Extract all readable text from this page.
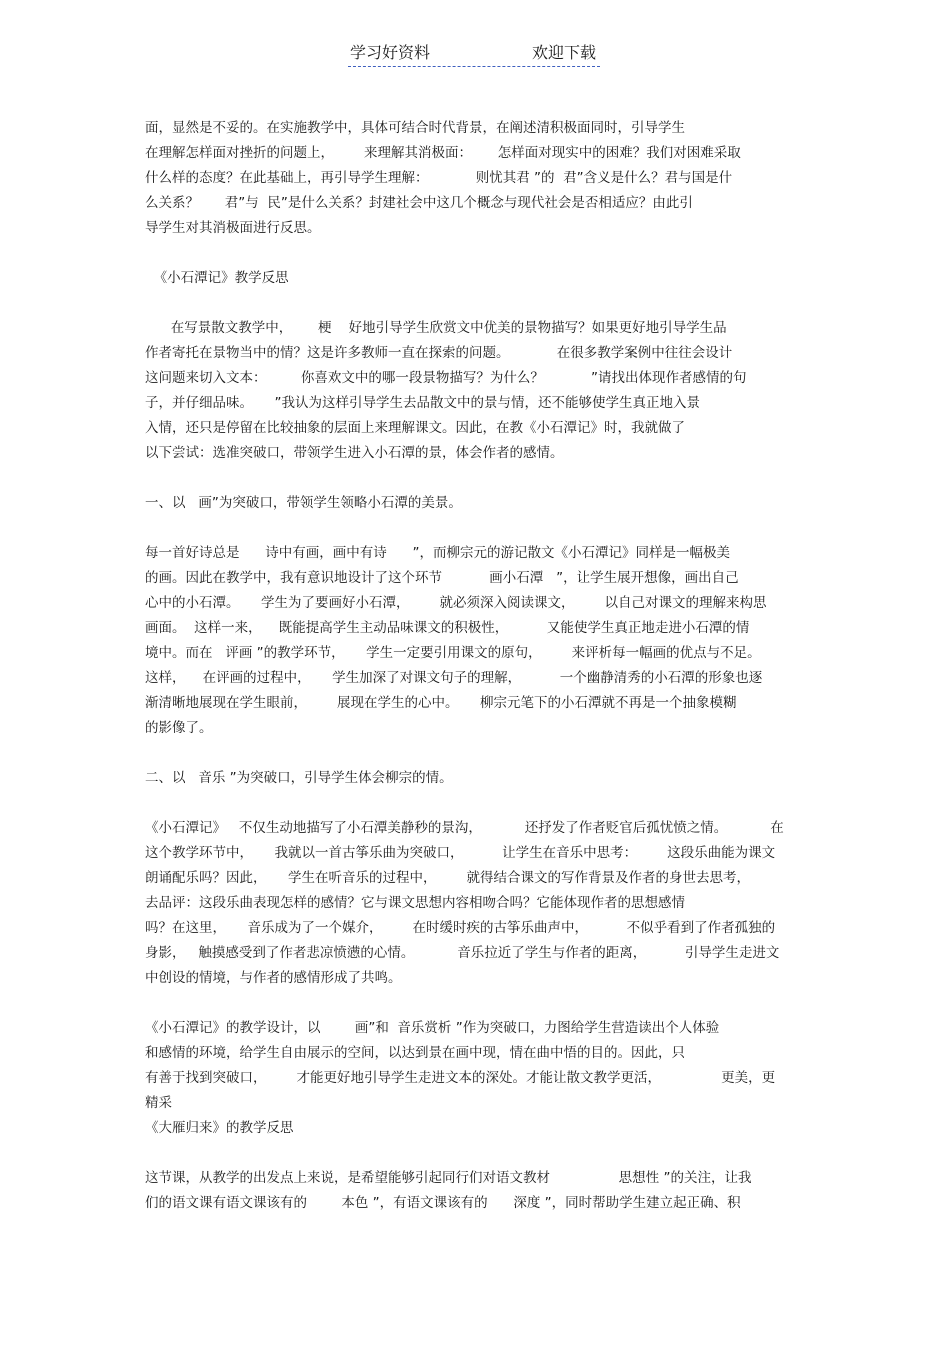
学习好资料	欢迎下载
面，显然是不妥的。在实施教学中，具体可结合时代背景，在阐述清积极面同时，引导学生
在理解怎样面对挫折的问题上，       来理解其消极面：      怎样面对现实中的困难？我们对困难采取
什么样的态度？在此基础上，再引导学生理解：           则忧其君 ”的  君”含义是什么？君与国是什
么关系？      君”与  民”是什么关系？封建社会中这几个概念与现代社会是否相适应？由此引
导学生对其消极面进行反思。
《小石潭记》教学反思
在写景散文教学中，      梗    好地引导学生欣赏文中优美的景物描写？如果更好地引导学生品
作者寄托在景物当中的情？这是许多教师一直在探索的问题。           在很多教学案例中往往会设计
这问题来切入文本：        你喜欢文中的哪一段景物描写？为什么？           ”请找出体现作者感情的句
子，并仔细品味。     ”我认为这样引导学生去品散文中的景与情，还不能够使学生真正地入景
入情，还只是停留在比较抽象的层面上来理解课文。因此，在教《小石潭记》时，我就做了
以下尝试：选准突破口，带领学生进入小石潭的景，体会作者的感情。
一、以   画”为突破口，带领学生领略小石潭的美景。
每一首好诗总是      诗中有画，画中有诗      ”，而柳宗元的游记散文《小石潭记》同样是一幅极美
的画。因此在教学中，我有意识地设计了这个环节           画小石潭   ”，让学生展开想像，画出自己
心中的小石潭。     学生为了要画好小石潭，       就必须深入阅读课文，       以自己对课文的理解来构思
画面。  这样一来，    既能提高学生主动品味课文的积极性，         又能使学生真正地走进小石潭的情
境中。而在   评画 ”的教学环节，     学生一定要引用课文的原句，       来评析每一幅画的优点与不足。
这样，    在评画的过程中，     学生加深了对课文句子的理解，         一个幽静清秀的小石潭的形象也逐
渐清晰地展现在学生眼前，       展现在学生的心中。     柳宗元笔下的小石潭就不再是一个抽象模糊
的影像了。
二、以   音乐 ”为突破口，引导学生体会柳宗的情。
《小石潭记》   不仅生动地描写了小石潭美静秒的景沟，          还抒发了作者贬官后孤忧愤之情。          在
这个教学环节中，     我就以一首古筝乐曲为突破口，         让学生在音乐中思考：       这段乐曲能为课文
朗诵配乐吗？因此，     学生在听音乐的过程中，       就得结合课文的写作背景及作者的身世去思考，
去品评：这段乐曲表现怎样的感情？它与课文思想内容相吻合吗？它能体现作者的思想感情
吗？在这里，     音乐成为了一个媒介，       在时缓时疾的古筝乐曲声中，         不似乎看到了作者孤独的
身影，   触摸感受到了作者悲凉愤懑的心情。          音乐拉近了学生与作者的距离，         引导学生走进文
中创设的情境，与作者的感情形成了共鸣。
《小石潭记》的教学设计，以        画”和  音乐赏析 ”作为突破口，力图给学生营造读出个人体验
和感情的环境，给学生自由展示的空间，以达到景在画中现，情在曲中悟的目的。因此，只
有善于找到突破口，       才能更好地引导学生走进文本的深处。才能让散文教学更活，              更美，更
精采
《大雁归来》的教学反思
这节课，从教学的出发点上来说，是希望能够引起同行们对语文教材                思想性 ”的关注，让我
们的语文课有语文课该有的        本色 ”，有语文课该有的      深度 ”，同时帮助学生建立起正确、积
